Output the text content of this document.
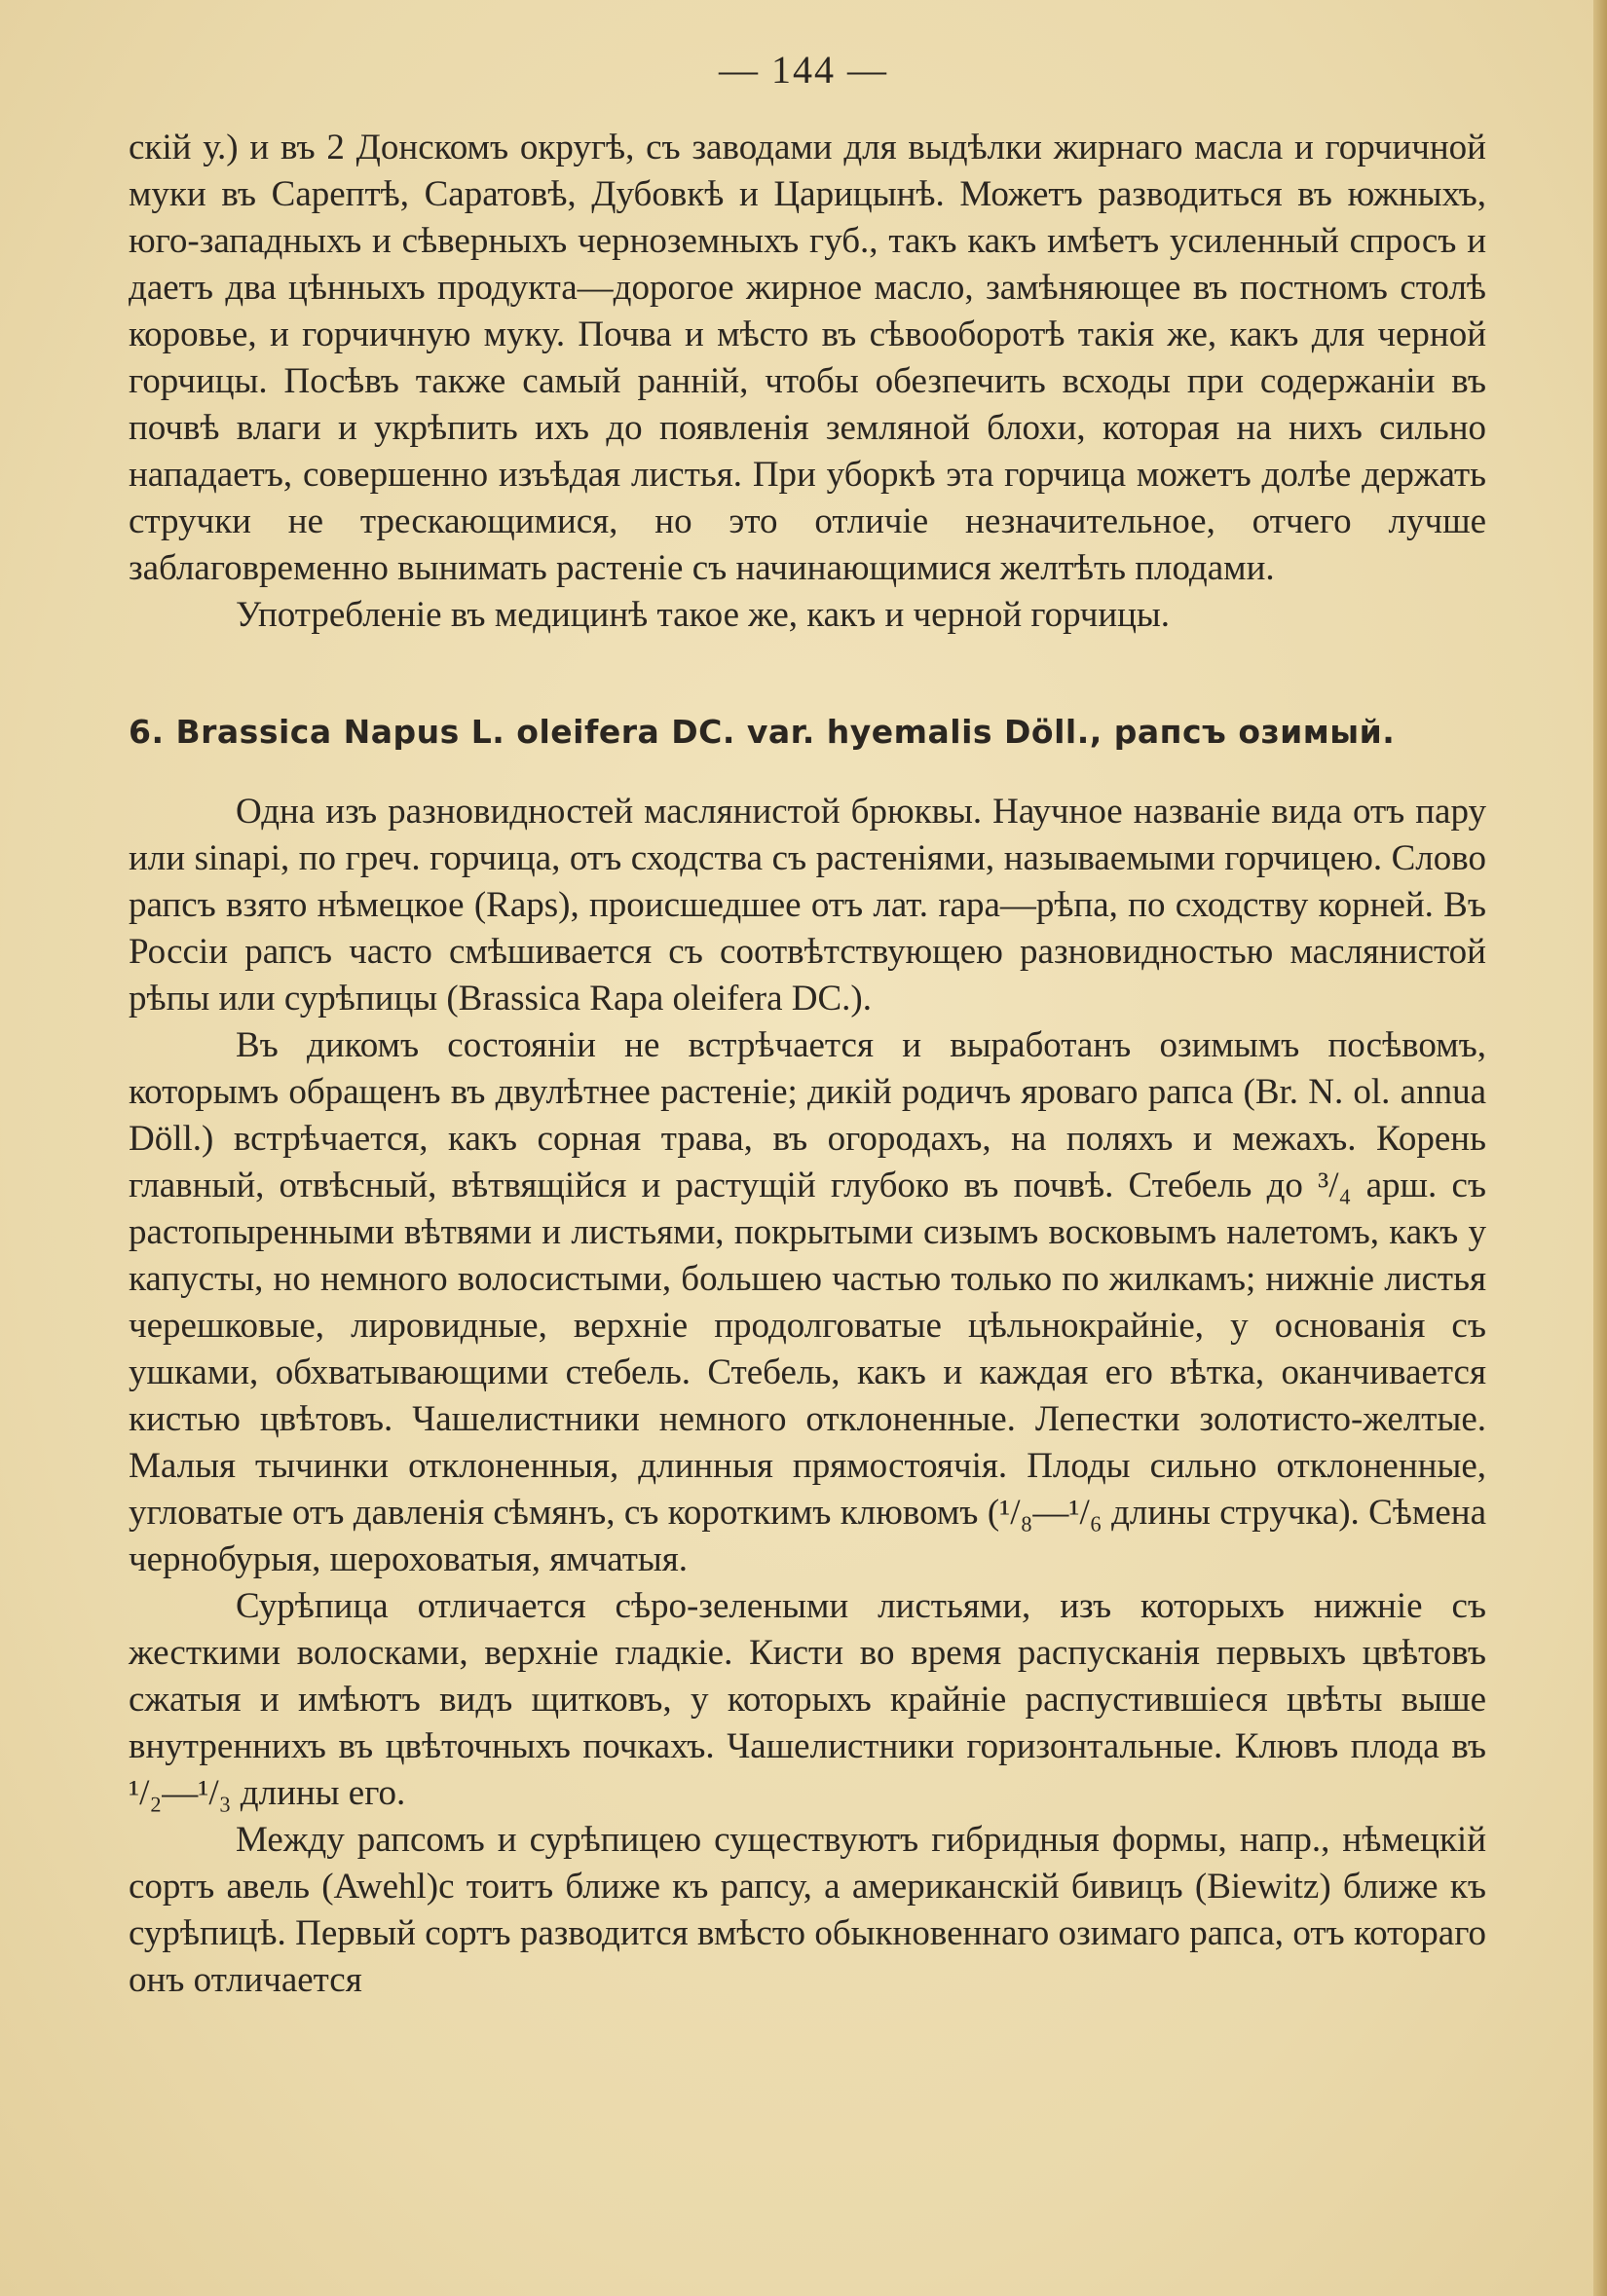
— 144 —

скій у.) и въ 2 Донскомъ округѣ, съ заводами для выдѣлки жирнаго масла и горчичной муки въ Сарептѣ, Саратовѣ, Дубовкѣ и Царицынѣ. Можетъ разводиться въ южныхъ, юго-западныхъ и сѣверныхъ черноземныхъ губ., такъ какъ имѣетъ усиленный спросъ и даетъ два цѣнныхъ продукта—дорогое жирное масло, замѣняющее въ постномъ столѣ коровье, и горчичную муку. Почва и мѣсто въ сѣвооборотѣ такія же, какъ для черной горчицы. Посѣвъ также самый ранній, чтобы обезпечить всходы при содержаніи въ почвѣ влаги и укрѣпить ихъ до появленія земляной блохи, которая на нихъ сильно нападаетъ, совершенно изъѣдая листья. При уборкѣ эта горчица можетъ долѣе держать стручки не трескающимися, но это отличіе незначительное, отчего лучше заблаговременно вынимать растеніе съ начинающимися желтѣть плодами.

Употребленіе въ медицинѣ такое же, какъ и черной горчицы.

6. Brassica Napus L. oleifera DC. var. hyemalis Döll., рапсъ озимый.

Одна изъ разновидностей маслянистой брюквы. Научное названіе вида отъ пару или sinapi, по греч. горчица, отъ сходства съ растеніями, называемыми горчицею. Слово рапсъ взято нѣмецкое (Raps), происшедшее отъ лат. rapa—рѣпа, по сходству корней. Въ Россіи рапсъ часто смѣшивается съ соотвѣтствующею разновидностью маслянистой рѣпы или сурѣпицы (Brassica Rapa oleifera DC.).

Въ дикомъ состояніи не встрѣчается и выработанъ озимымъ посѣвомъ, которымъ обращенъ въ двулѣтнее растеніе; дикій родичъ яроваго рапса (Br. N. ol. annua Döll.) встрѣчается, какъ сорная трава, въ огородахъ, на поляхъ и межахъ. Корень главный, отвѣсный, вѣтвящійся и растущій глубоко въ почвѣ. Стебель до ³/₄ арш. съ растопыренными вѣтвями и листьями, покрытыми сизымъ восковымъ налетомъ, какъ у капусты, но немного волосистыми, большею частью только по жилкамъ; нижніе листья черешковые, лировидные, верхніе продолговатые цѣльнокрайніе, у основанія съ ушками, обхватывающими стебель. Стебель, какъ и каждая его вѣтка, оканчивается кистью цвѣтовъ. Чашелистники немного отклоненные. Лепестки золотисто-желтые. Малыя тычинки отклоненныя, длинныя прямостоячія. Плоды сильно отклоненные, угловатые отъ давленія сѣмянъ, съ короткимъ клювомъ (¹/₈—¹/₆ длины стручка). Сѣмена чернобурыя, шероховатыя, ямчатыя.

Сурѣпица отличается сѣро-зелеными листьями, изъ которыхъ нижніе съ жесткими волосками, верхніе гладкіе. Кисти во время распусканія первыхъ цвѣтовъ сжатыя и имѣютъ видъ щитковъ, у которыхъ крайніе распустившіеся цвѣты выше внутреннихъ въ цвѣточныхъ почкахъ. Чашелистники горизонтальные. Клювъ плода въ ¹/₂—¹/₃ длины его.

Между рапсомъ и сурѣпицею существуютъ гибридныя формы, напр., нѣмецкій сортъ авель (Awehl)с тоитъ ближе къ рапсу, а американскій бивицъ (Biewitz) ближе къ сурѣпицѣ. Первый сортъ разводится вмѣсто обыкновеннаго озимаго рапса, отъ котораго онъ отличается
